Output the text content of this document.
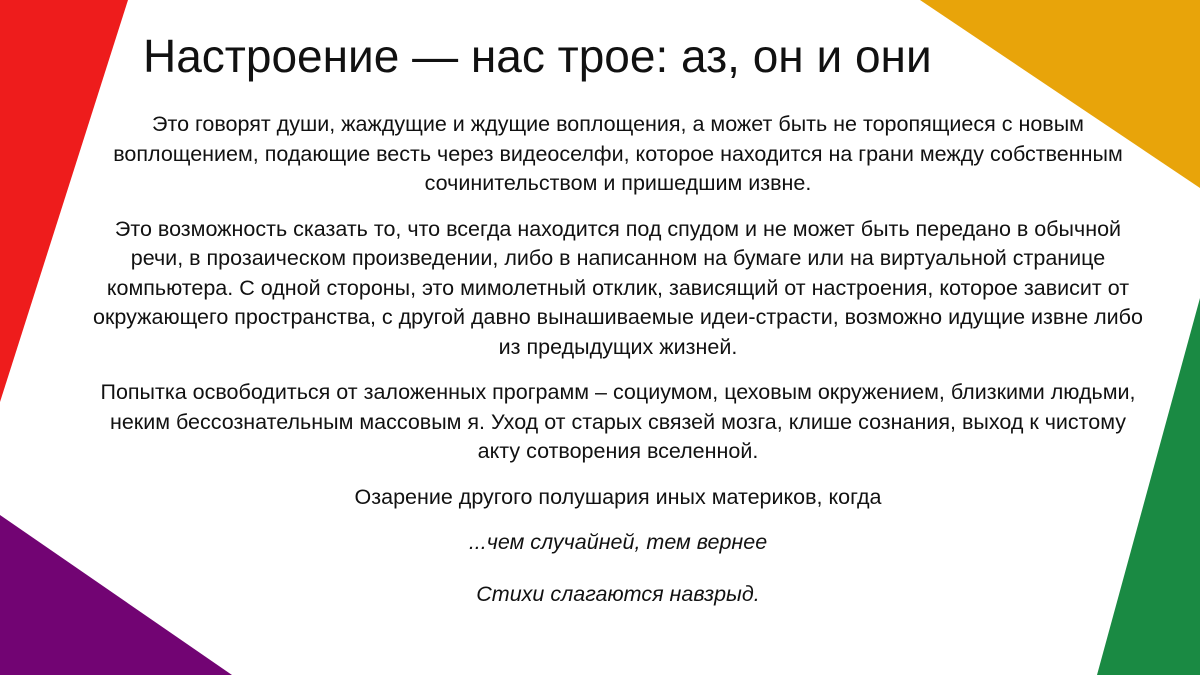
Настроение — нас трое: аз, он и они

Это говорят души, жаждущие и ждущие воплощения, а может быть не торопящиеся с новым воплощением, подающие весть через видеоселфи, которое находится на грани между собственным сочинительством и пришедшим извне.

Это возможность сказать то, что всегда находится под спудом и не может быть передано в обычной речи, в прозаическом произведении, либо в написанном на бумаге или на виртуальной странице компьютера. С одной стороны, это мимолетный отклик, зависящий от настроения, которое зависит от окружающего пространства, с другой давно вынашиваемые идеи-страсти, возможно идущие извне либо из предыдущих жизней.

Попытка освободиться от заложенных программ – социумом, цеховым окружением, близкими людьми, неким бессознательным массовым я. Уход от старых связей мозга, клише сознания, выход к чистому акту сотворения вселенной.

Озарение другого полушария иных материков, когда

...чем случайней, тем вернее

Стихи слагаются навзрыд.
